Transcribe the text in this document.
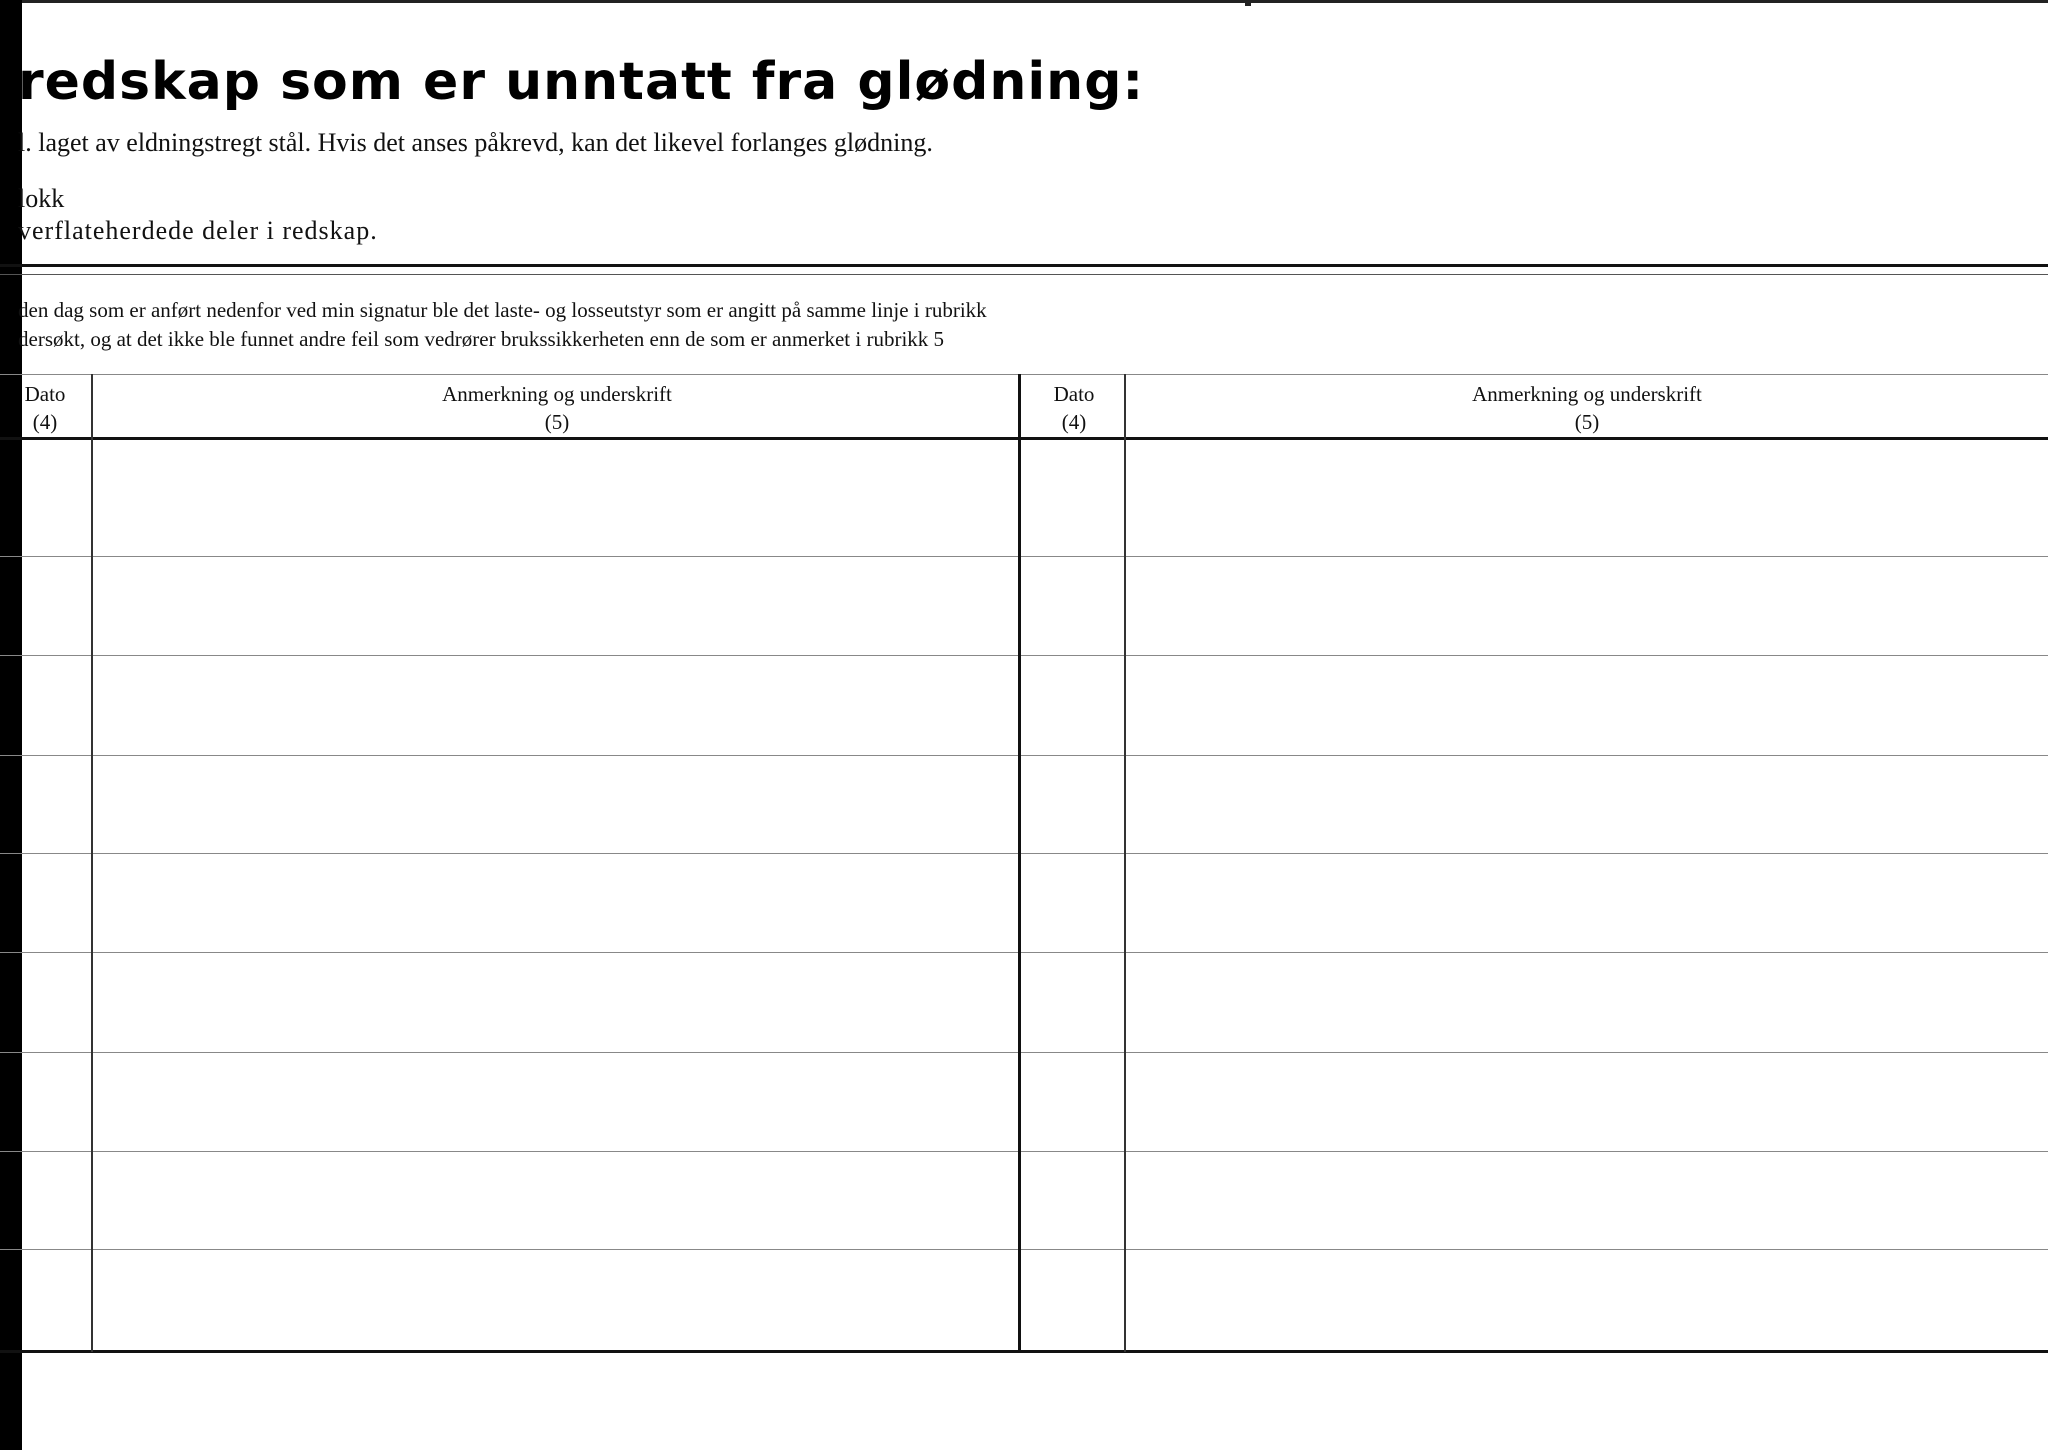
redskap som er unntatt fra glødning:
l. laget av eldningstregt stål. Hvis det anses påkrevd, kan det likevel forlanges glødning.
lokk
verflateherdede deler i redskap.
den dag som er anført nedenfor ved min signatur ble det laste- og losseutstyr som er angitt på samme linje i rubrikk
dersøkt, og at det ikke ble funnet andre feil som vedrører brukssikkerheten enn de som er anmerket i rubrikk 5
Dato
(4)
Anmerkning og underskrift
(5)
Dato
(4)
Anmerkning og underskrift
(5)
